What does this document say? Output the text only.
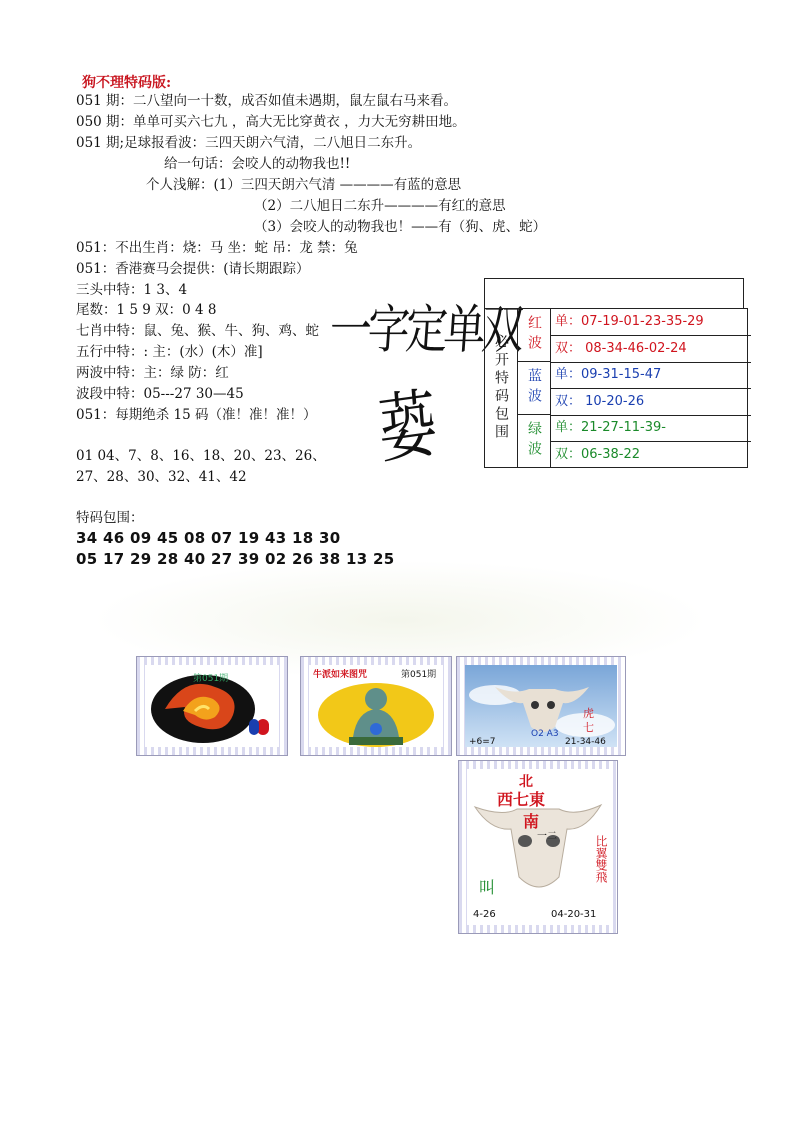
狗不理特码版:
051 期：二八望向一十数，成否如值未遇期，鼠左鼠右马来看。
050 期：单单可买六七九 ，高大无比穿黄衣 ，力大无穷耕田地。
051 期;足球报看波：三四天朗六气清，二八旭日二东升。
给一句话：会咬人的动物我也!!
个人浅解：(1）三四天朗六气清 ————有蓝的意思
（2）二八旭日二东升————有红的意思
（3）会咬人的动物我也！——有（狗、虎、蛇）
051：不出生肖：烧：马 坐：蛇 吊：龙 禁：兔
051：香港赛马会提供：(请长期跟踪）
三头中特：1 3、4
尾数：1 5 9 双：0 4 8
七肖中特：鼠、兔、猴、牛、狗、鸡、蛇
五行中特：: 主：(水）(木）准]
两波中特：主：绿 防：红
波段中特：05---27 30—45
051：每期绝杀 15 码（准！准！准！）
01 04、7、8、16、18、20、23、26、
27、28、30、32、41、42
特码包围：
34 46 09 45 08 07 19 43 18 30
05 17 29 28 40 27 39 02 26 38 13 25
一字定单双
蒆	必开特码包围	红波	单：07-19-01-23-35-29
双： 08-34-46-02-24
蓝波	单：09-31-15-47
双： 10-20-26
绿波	单：21-27-11-39-
双：06-38-22
第051期	牛派如来图咒	第051期
虎
七
O2 A3
+6=7	21-34-46
北
西七東
南
一二	比翼雙飛
叫
4-26	04-20-31
